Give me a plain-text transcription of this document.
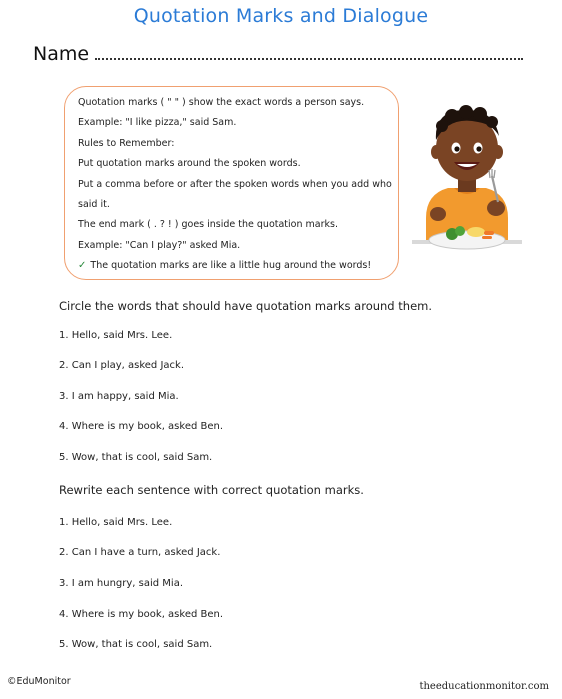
Quotation Marks and Dialogue
Name
Quotation marks ( " " ) show the exact words a person says.
Example: "I like pizza," said Sam.
Rules to Remember:
Put quotation marks around the spoken words.
Put a comma before or after the spoken words when you add who
said it.
The end mark ( . ? ! ) goes inside the quotation marks.
Example: "Can I play?" asked Mia.
✓ The quotation marks are like a little hug around the words!
Circle the words that should have quotation marks around them.
1. Hello, said Mrs. Lee.
2. Can I play, asked Jack.
3. I am happy, said Mia.
4. Where is my book, asked Ben.
5. Wow, that is cool, said Sam.
Rewrite each sentence with correct quotation marks.
1. Hello, said Mrs. Lee.
2. Can I have a turn, asked Jack.
3. I am hungry, said Mia.
4. Where is my book, asked Ben.
5. Wow, that is cool, said Sam.
©EduMonitor	theeducationmonitor.com
